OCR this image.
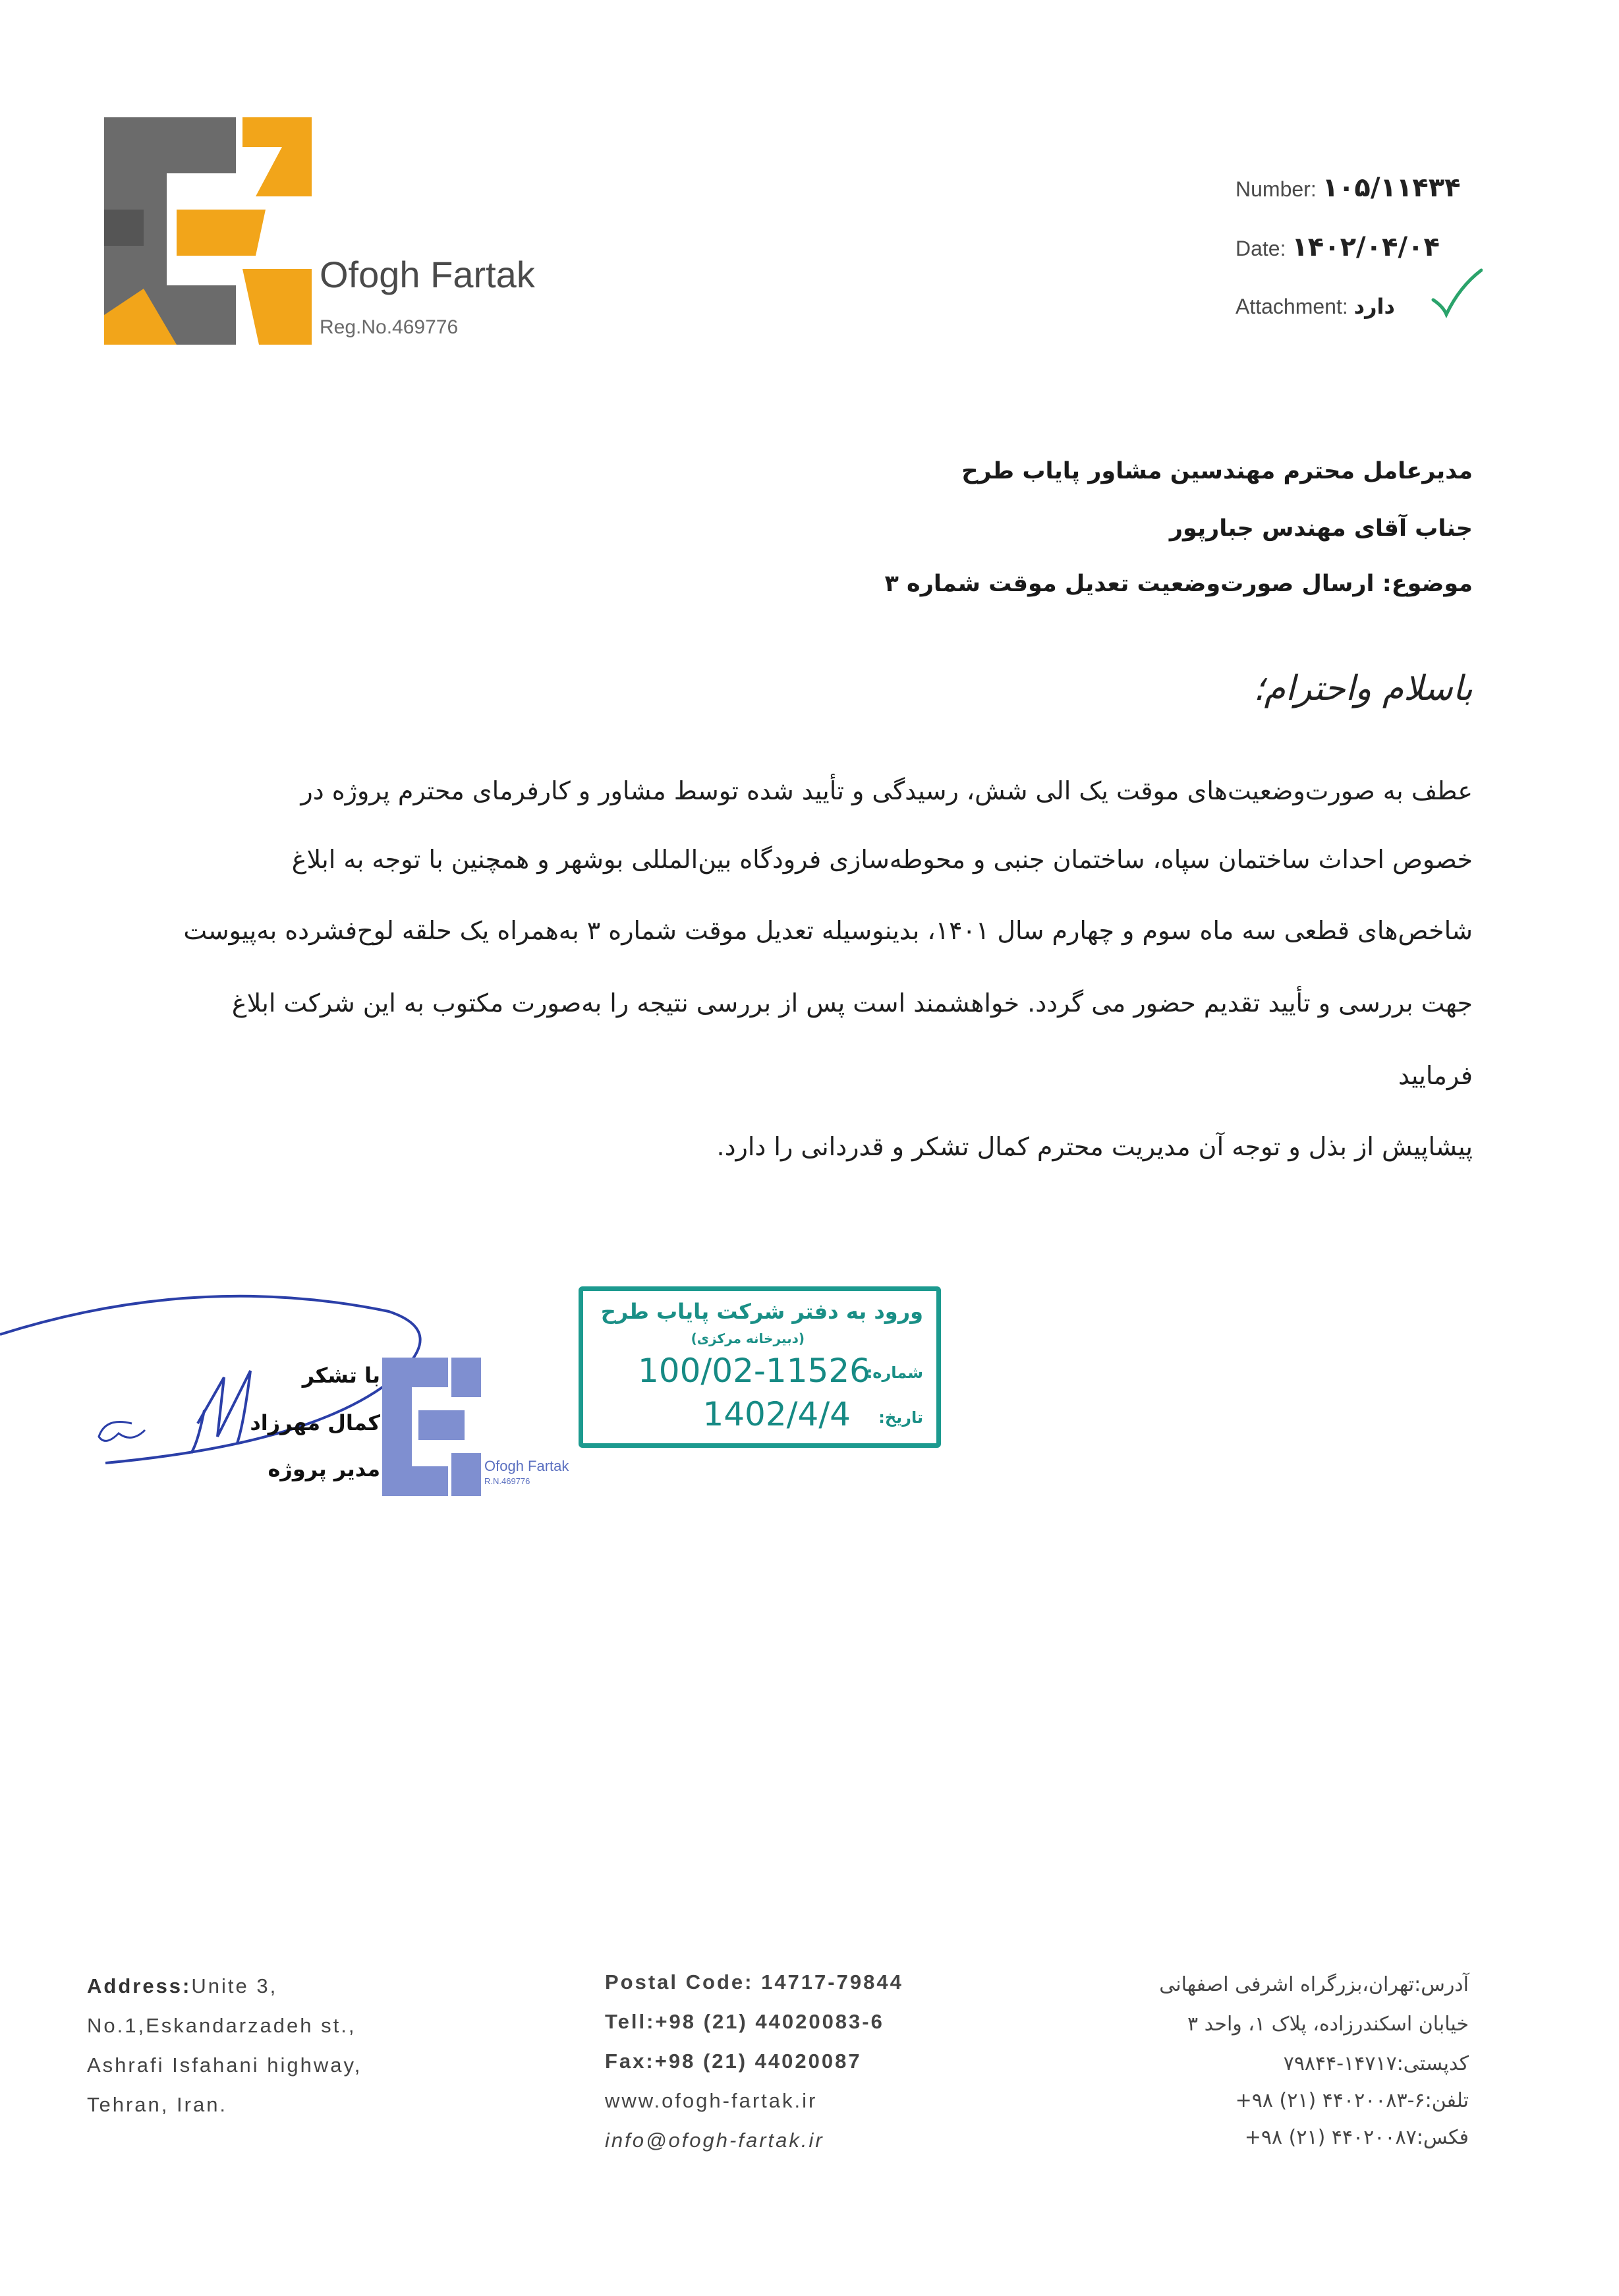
Ofogh Fartak
Reg.No.469776
Number: ۱۰۵/۱۱۴۳۴
Date: ۱۴۰۲/۰۴/۰۴
Attachment: دارد
مدیرعامل محترم مهندسین مشاور پایاب طرح
جناب آقای مهندس جبارپور
موضوع: ارسال صورت‌وضعیت تعدیل موقت شماره ۳
باسلام واحترام؛
عطف به صورت‌وضعیت‌های موقت یک الی شش، رسیدگی و تأیید شده توسط مشاور و کارفرمای محترم پروژه در
خصوص احداث ساختمان سپاه، ساختمان جنبی و محوطه‌سازی فرودگاه بین‌المللی بوشهر و همچنین با توجه به ابلاغ
شاخص‌های قطعی سه ماه سوم و چهارم سال ۱۴۰۱، بدینوسیله تعدیل موقت شماره ۳ به‌همراه یک حلقه لوح‌فشرده به‌پیوست
جهت بررسی و تأیید تقدیم حضور می گردد. خواهشمند است پس از بررسی نتیجه را به‌صورت مکتوب به این شرکت ابلاغ
فرمایید
پیشاپیش از بذل و توجه آن مدیریت محترم کمال تشکر و قدردانی را دارد.
Ofogh Fartak
R.N.469776
با تشکر
کمال مهرزاد
مدیر پروژه
ورود به دفتر شرکت پایاب طرح
(دبیرخانه مرکزی)
شماره:
100/02-11526
تاریخ:
1402/4/4
Address:Unite 3,
No.1,Eskandarzadeh st.,
Ashrafi Isfahani highway,
Tehran, Iran.
Postal Code: 14717-79844
Tell:+98 (21) 44020083-6
Fax:+98 (21) 44020087
www.ofogh-fartak.ir
info@ofogh-fartak.ir
آدرس:تهران،بزرگراه اشرفی اصفهانی
خیابان اسکندرزاده، پلاک ۱، واحد ۳
کدپستی:۱۴۷۱۷-۷۹۸۴۴
تلفن:۶-۴۴۰۲۰۰۸۳ (۲۱) ۹۸+
فکس:۴۴۰۲۰۰۸۷ (۲۱) ۹۸+
